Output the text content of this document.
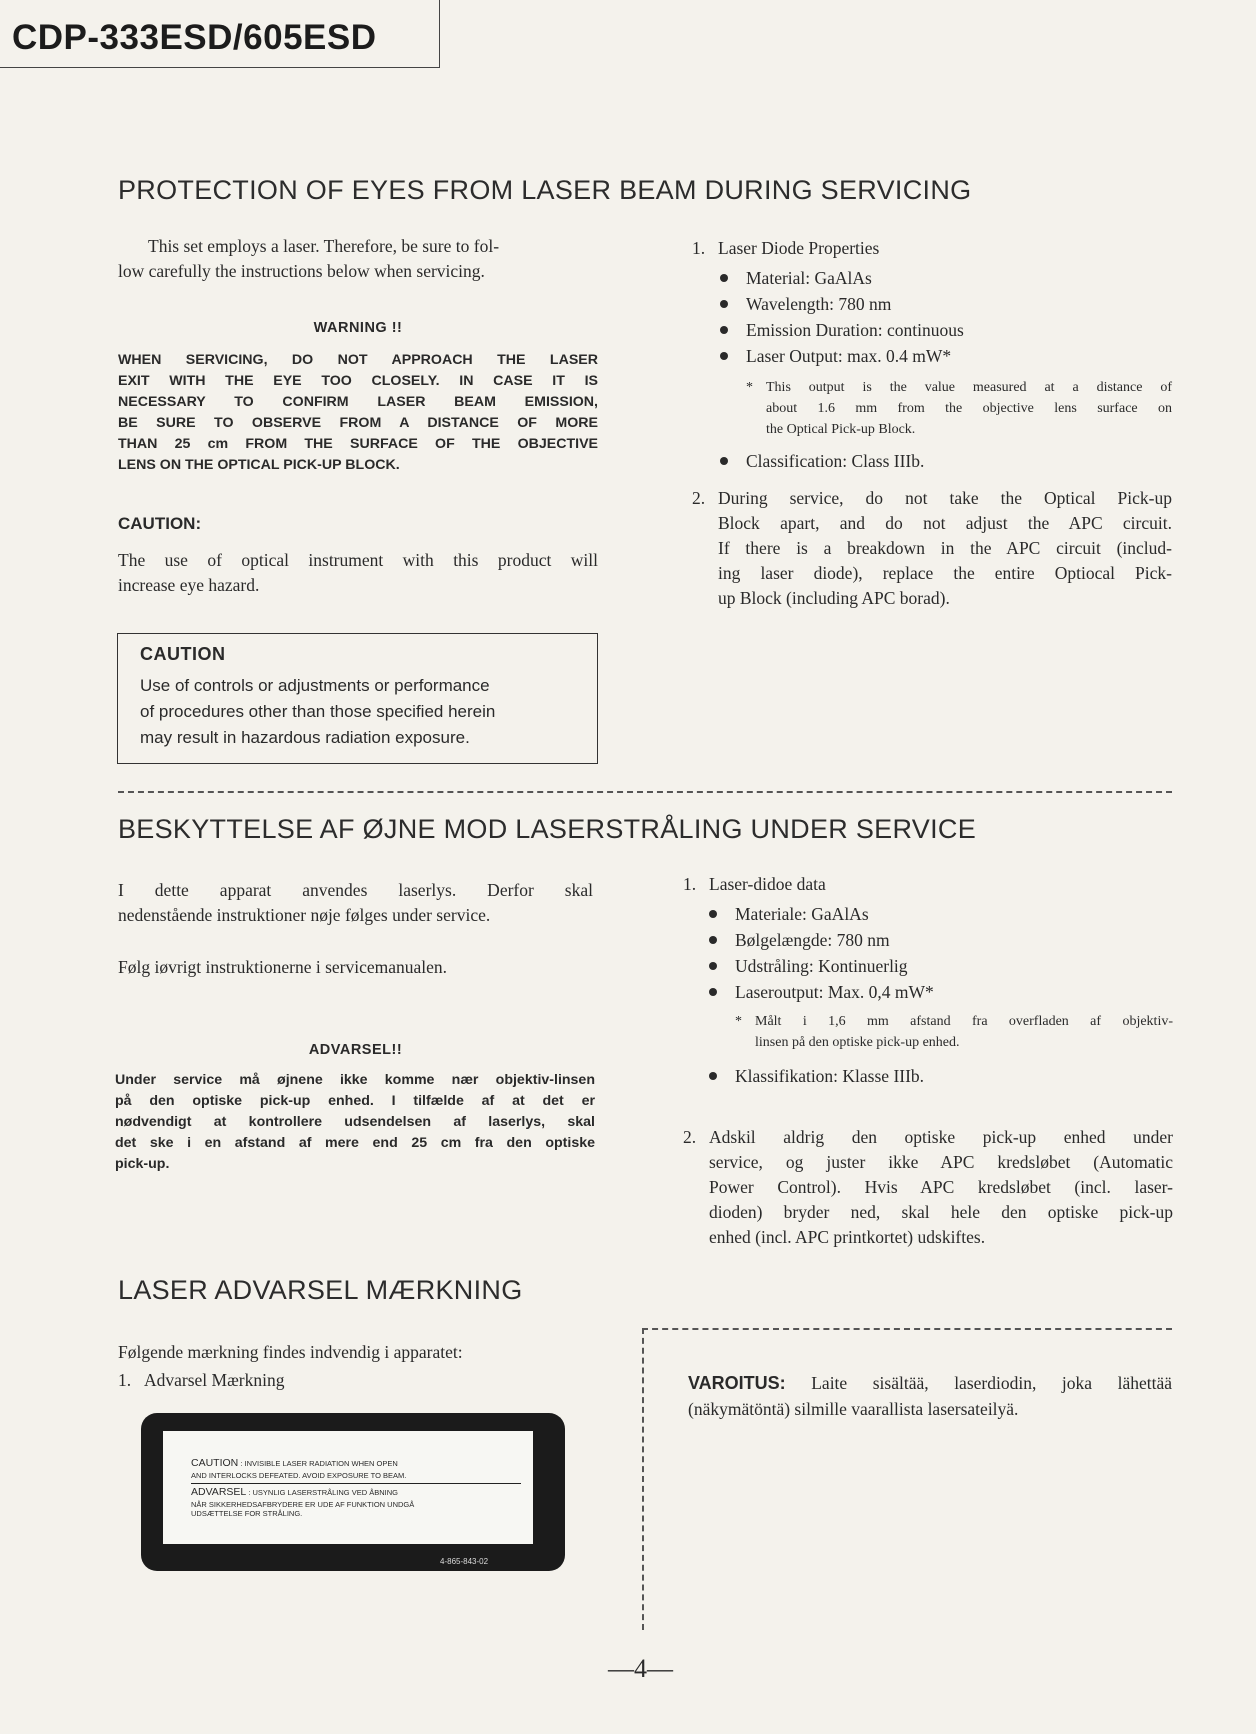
CDP-333ESD/605ESD
PROTECTION OF EYES FROM LASER BEAM DURING SERVICING
This set employs a laser. Therefore, be sure to fol-
low carefully the instructions below when servicing.
WARNING !!
WHEN SERVICING, DO NOT APPROACH THE LASER
EXIT WITH THE EYE TOO CLOSELY. IN CASE IT IS
NECESSARY TO CONFIRM LASER BEAM EMISSION,
BE SURE TO OBSERVE FROM A DISTANCE OF MORE
THAN 25 cm FROM THE SURFACE OF THE OBJECTIVE
LENS ON THE OPTICAL PICK-UP BLOCK.
CAUTION:
The use of optical instrument with this product will
increase eye hazard.
CAUTION
Use of controls or adjustments or performance
of procedures other than those specified herein
may result in hazardous radiation exposure.
1. Laser Diode Properties
Material: GaAlAs
Wavelength: 780 nm
Emission Duration: continuous
Laser Output: max. 0.4 mW*
* This output is the value measured at a distance of
about 1.6 mm from the objective lens surface on
the Optical Pick-up Block.
Classification: Class IIIb.
2. During service, do not take the Optical Pick-up
Block apart, and do not adjust the APC circuit.
If there is a breakdown in the APC circuit (includ-
ing laser diode), replace the entire Optiocal Pick-
up Block (including APC borad).
BESKYTTELSE AF ØJNE MOD LASERSTRÅLING UNDER SERVICE
I dette apparat anvendes laserlys. Derfor skal
nedenstående instruktioner nøje følges under service.
Følg iøvrigt instruktionerne i servicemanualen.
ADVARSEL!!
Under service må øjnene ikke komme nær objektiv-linsen
på den optiske pick-up enhed. I tilfælde af at det er
nødvendigt at kontrollere udsendelsen af laserlys, skal
det ske i en afstand af mere end 25 cm fra den optiske
pick-up.
1. Laser-didoe data
Materiale: GaAlAs
Bølgelængde: 780 nm
Udstråling: Kontinuerlig
Laseroutput: Max. 0,4 mW*
* Målt i 1,6 mm afstand fra overfladen af objektiv-
linsen på den optiske pick-up enhed.
Klassifikation: Klasse IIIb.
2. Adskil aldrig den optiske pick-up enhed under
service, og juster ikke APC kredsløbet (Automatic
Power Control). Hvis APC kredsløbet (incl. laser-
dioden) bryder ned, skal hele den optiske pick-up
enhed (incl. APC printkortet) udskiftes.
LASER ADVARSEL MÆRKNING
Følgende mærkning findes indvendig i apparatet:
1. Advarsel Mærkning
CAUTION : INVISIBLE LASER RADIATION WHEN OPEN
AND INTERLOCKS DEFEATED. AVOID EXPOSURE TO BEAM.
ADVARSEL : USYNLIG LASERSTRÅLING VED ÅBNING
NÅR SIKKERHEDSAFBRYDERE ER UDE AF FUNKTION UNDGÅ
UDSÆTTELSE FOR STRÅLING.
4-865-843-02
VAROITUS: Laite sisältää, laserdiodin, joka lähettää
(näkymätöntä) silmille vaarallista lasersateilyä.
—4—
